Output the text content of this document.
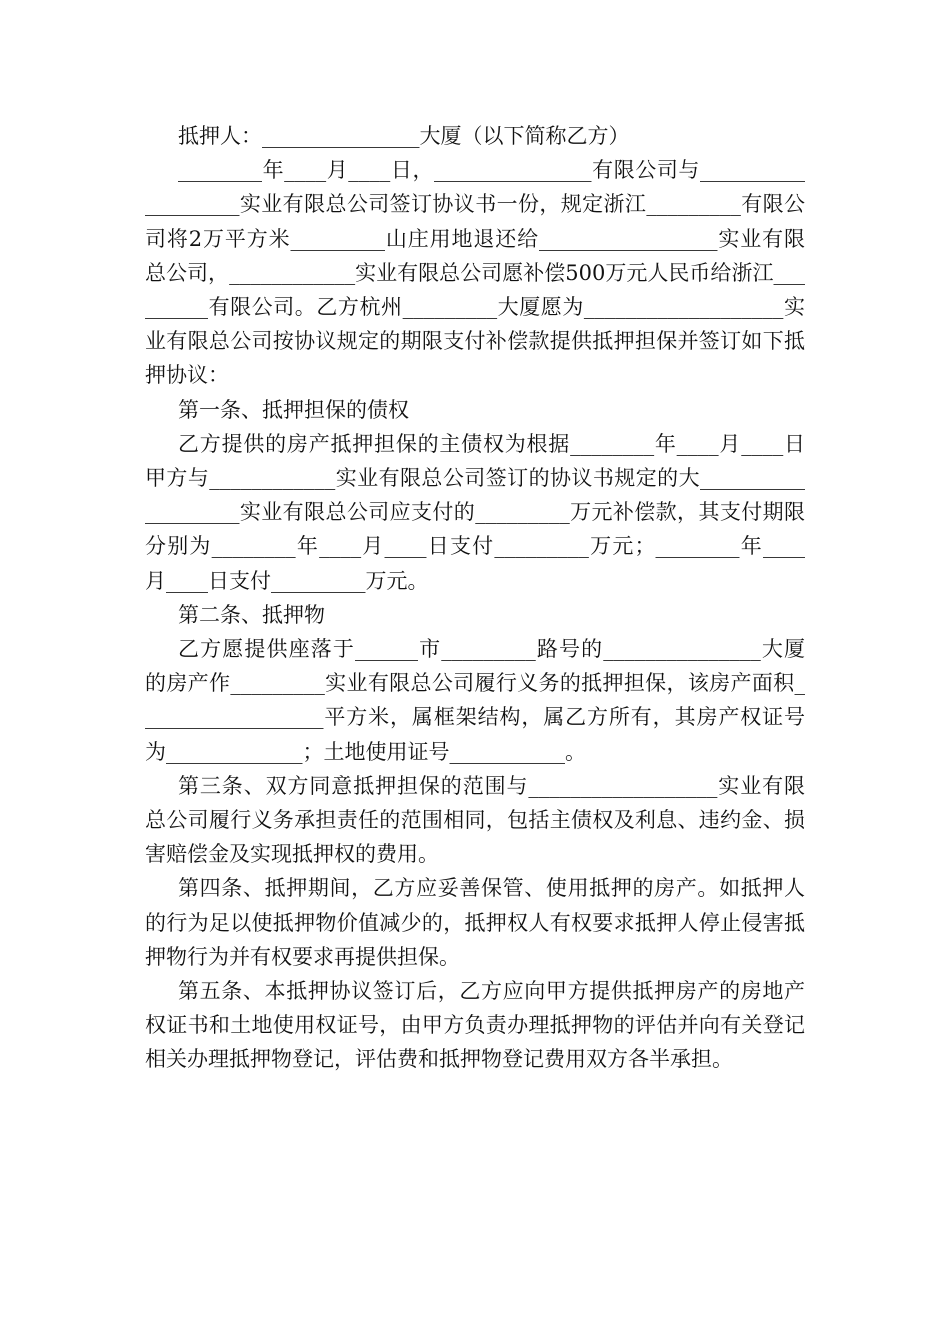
抵押人：_______________大厦（以下简称乙方）

________年____月____日，_______________有限公司与___________________实业有限总公司签订协议书一份，规定浙江_________有限公司将2万平方米_________山庄用地退还给_________________实业有限总公司，____________实业有限总公司愿补偿500万元人民币给浙江_________有限公司。乙方杭州_________大厦愿为___________________实业有限总公司按协议规定的期限支付补偿款提供抵押担保并签订如下抵押协议：

第一条、抵押担保的债权

乙方提供的房产抵押担保的主债权为根据________年____月____日甲方与____________实业有限总公司签订的协议书规定的大___________________实业有限总公司应支付的_________万元补偿款，其支付期限分别为________年____月____日支付_________万元；________年____月____日支付_________万元。

第二条、抵押物

乙方愿提供座落于______市_________路号的_______________大厦的房产作_________实业有限总公司履行义务的抵押担保，该房产面积__________________平方米，属框架结构，属乙方所有，其房产权证号为_____________；土地使用证号___________。

第三条、双方同意抵押担保的范围与__________________实业有限总公司履行义务承担责任的范围相同，包括主债权及利息、违约金、损害赔偿金及实现抵押权的费用。

第四条、抵押期间，乙方应妥善保管、使用抵押的房产。如抵押人的行为足以使抵押物价值减少的，抵押权人有权要求抵押人停止侵害抵押物行为并有权要求再提供担保。

第五条、本抵押协议签订后，乙方应向甲方提供抵押房产的房地产权证书和土地使用权证号，由甲方负责办理抵押物的评估并向有关登记相关办理抵押物登记，评估费和抵押物登记费用双方各半承担。
